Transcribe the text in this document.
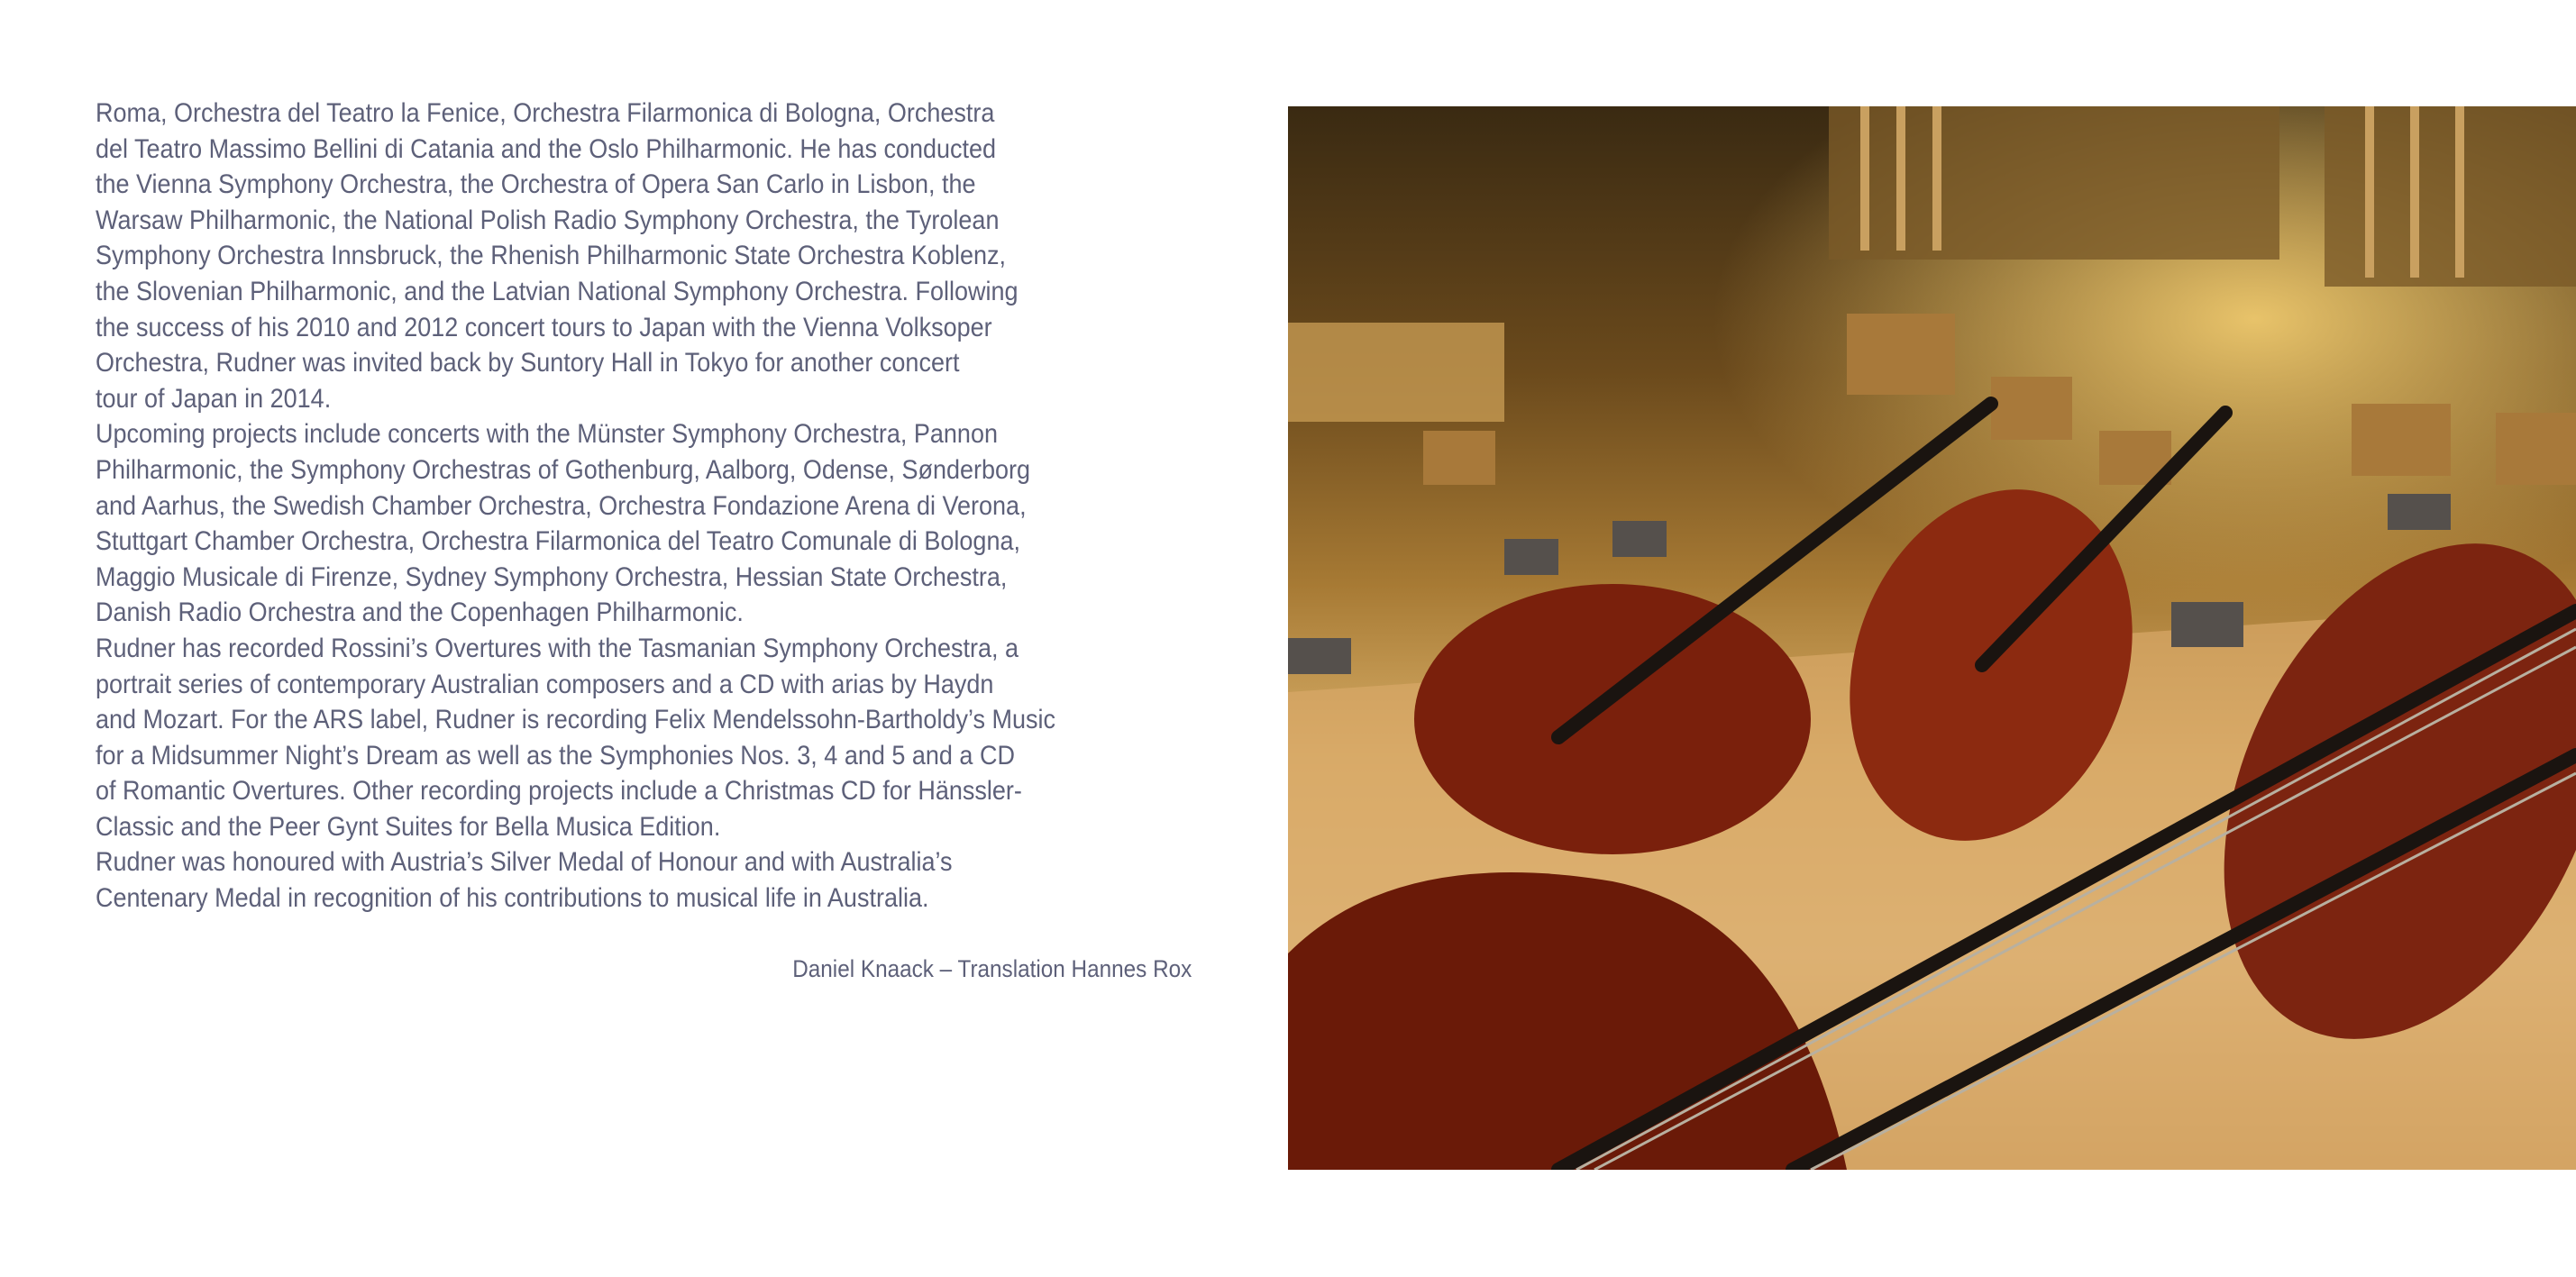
Roma, Orchestra del Teatro la Fenice, Orchestra Filarmonica di Bologna, Orchestra
del Teatro Massimo Bellini di Catania and the Oslo Philharmonic. He has conducted
the Vienna Symphony Orchestra, the Orchestra of Opera San Carlo in Lisbon, the
Warsaw Philharmonic, the National Polish Radio Symphony Orchestra, the Tyrolean
Symphony Orchestra Innsbruck, the Rhenish Philharmonic State Orchestra Koblenz,
the Slovenian Philharmonic, and the Latvian National Symphony Orchestra. Following
the success of his 2010 and 2012 concert tours to Japan with the Vienna Volksoper
Orchestra, Rudner was invited back by Suntory Hall in Tokyo for another concert
tour of Japan in 2014.
Upcoming projects include concerts with the Münster Symphony Orchestra, Pannon
Philharmonic, the Symphony Orchestras of Gothenburg, Aalborg, Odense, Sønderborg
and Aarhus, the Swedish Chamber Orchestra, Orchestra Fondazione Arena di Verona,
Stuttgart Chamber Orchestra, Orchestra Filarmonica del Teatro Comunale di Bologna,
Maggio Musicale di Firenze, Sydney Symphony Orchestra, Hessian State Orchestra,
Danish Radio Orchestra and the Copenhagen Philharmonic.
Rudner has recorded Rossini’s Overtures with the Tasmanian Symphony Orchestra, a
portrait series of contemporary Australian composers and a CD with arias by Haydn
and Mozart. For the ARS label, Rudner is recording Felix Mendelssohn-Bartholdy’s Music
for a Midsummer Night’s Dream as well as the Symphonies Nos. 3, 4 and 5 and a CD
of Romantic Overtures. Other recording projects include a Christmas CD for Hänssler-
Classic and the Peer Gynt Suites for Bella Musica Edition.
Rudner was honoured with Austria’s Silver Medal of Honour and with Australia’s
Centenary Medal in recognition of his contributions to musical life in Australia.
Daniel Knaack – Translation Hannes Rox
